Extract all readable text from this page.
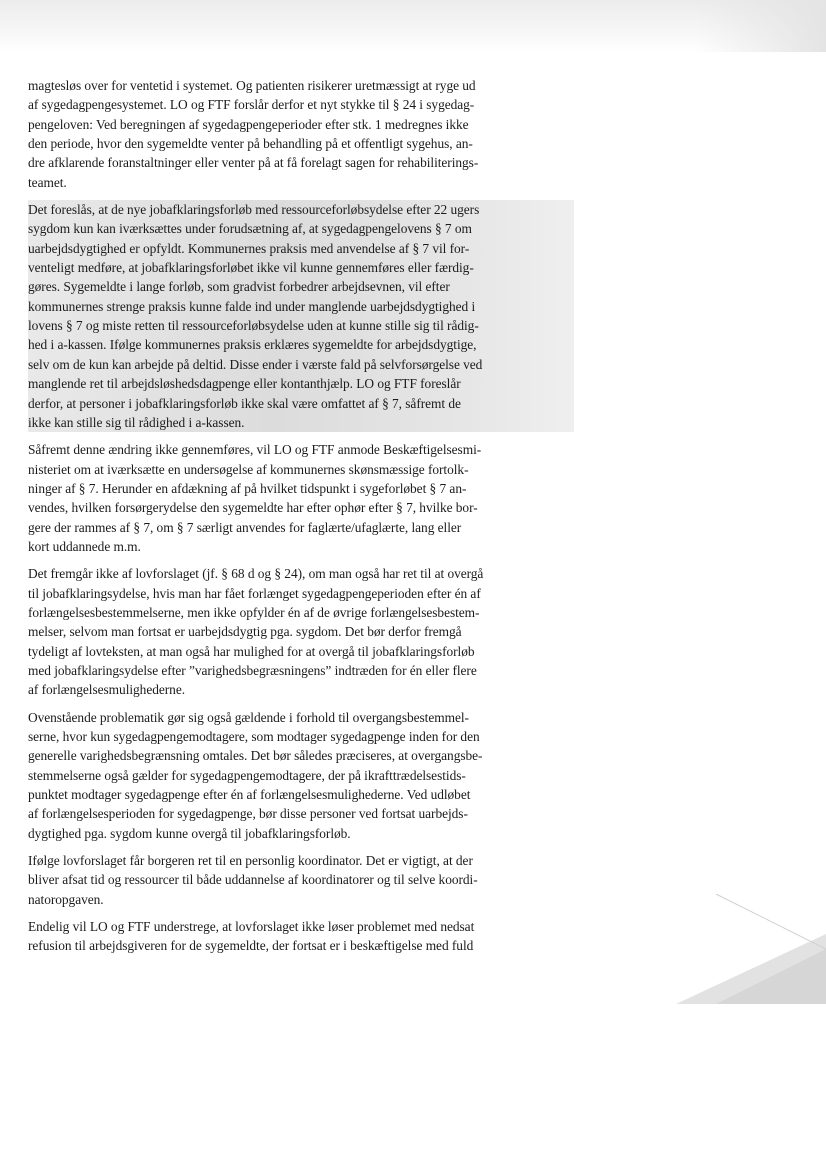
magtesløs over for ventetid i systemet. Og patienten risikerer uretmæssigt at ryge ud
af sygedagpengesystemet. LO og FTF forslår derfor et nyt stykke til § 24 i sygedag-
pengeloven: Ved beregningen af sygedagpengeperioder efter stk. 1 medregnes ikke
den periode, hvor den sygemeldte venter på behandling på et offentligt sygehus, an-
dre afklarende foranstaltninger eller venter på at få forelagt sagen for rehabiliterings-
teamet.

Det foreslås, at de nye jobafklaringsforløb med ressourceforløbsydelse efter 22 ugers
sygdom kun kan iværksættes under forudsætning af, at sygedagpengelovens § 7 om
uarbejdsdygtighed er opfyldt. Kommunernes praksis med anvendelse af § 7 vil for-
venteligt medføre, at jobafklaringsforløbet ikke vil kunne gennemføres eller færdig-
gøres. Sygemeldte i lange forløb, som gradvist forbedrer arbejdsevnen, vil efter
kommunernes strenge praksis kunne falde ind under manglende uarbejdsdygtighed i
lovens § 7 og miste retten til ressourceforløbsydelse uden at kunne stille sig til rådig-
hed i a-kassen. Ifølge kommunernes praksis erklæres sygemeldte for arbejdsdygtige,
selv om de kun kan arbejde på deltid. Disse ender i værste fald på selvforsørgelse ved
manglende ret til arbejdsløshedsdagpenge eller kontanthjælp. LO og FTF foreslår
derfor, at personer i jobafklaringsforløb ikke skal være omfattet af § 7, såfremt de
ikke kan stille sig til rådighed i a-kassen.

Såfremt denne ændring ikke gennemføres, vil LO og FTF anmode Beskæftigelsesmi-
nisteriet om at iværksætte en undersøgelse af kommunernes skønsmæssige fortolk-
ninger af § 7. Herunder en afdækning af på hvilket tidspunkt i sygeforløbet § 7 an-
vendes, hvilken forsørgerydelse den sygemeldte har efter ophør efter § 7, hvilke bor-
gere der rammes af § 7, om § 7 særligt anvendes for faglærte/ufaglærte, lang eller
kort uddannede m.m.

Det fremgår ikke af lovforslaget (jf. § 68 d og § 24), om man også har ret til at overgå
til jobafklaringsydelse, hvis man har fået forlænget sygedagpengeperioden efter én af
forlængelsesbestemmelserne, men ikke opfylder én af de øvrige forlængelsesbestem-
melser, selvom man fortsat er uarbejdsdygtig pga. sygdom. Det bør derfor fremgå
tydeligt af lovteksten, at man også har mulighed for at overgå til jobafklaringsforløb
med jobafklaringsydelse efter ”varighedsbegræsningens” indtræden for én eller flere
af forlængelsesmulighederne.

Ovenstående problematik gør sig også gældende i forhold til overgangsbestemmel-
serne, hvor kun sygedagpengemodtagere, som modtager sygedagpenge inden for den
generelle varighedsbegrænsning omtales. Det bør således præciseres, at overgangsbe-
stemmelserne også gælder for sygedagpengemodtagere, der på ikrafttrædelsestids-
punktet modtager sygedagpenge efter én af forlængelsesmulighederne. Ved udløbet
af forlængelsesperioden for sygedagpenge, bør disse personer ved fortsat uarbejds-
dygtighed pga. sygdom kunne overgå til jobafklaringsforløb.

Ifølge lovforslaget får borgeren ret til en personlig koordinator. Det er vigtigt, at der
bliver afsat tid og ressourcer til både uddannelse af koordinatorer og til selve koordi-
natoropgaven.

Endelig vil LO og FTF understrege, at lovforslaget ikke løser problemet med nedsat
refusion til arbejdsgiveren for de sygemeldte, der fortsat er i beskæftigelse med fuld
